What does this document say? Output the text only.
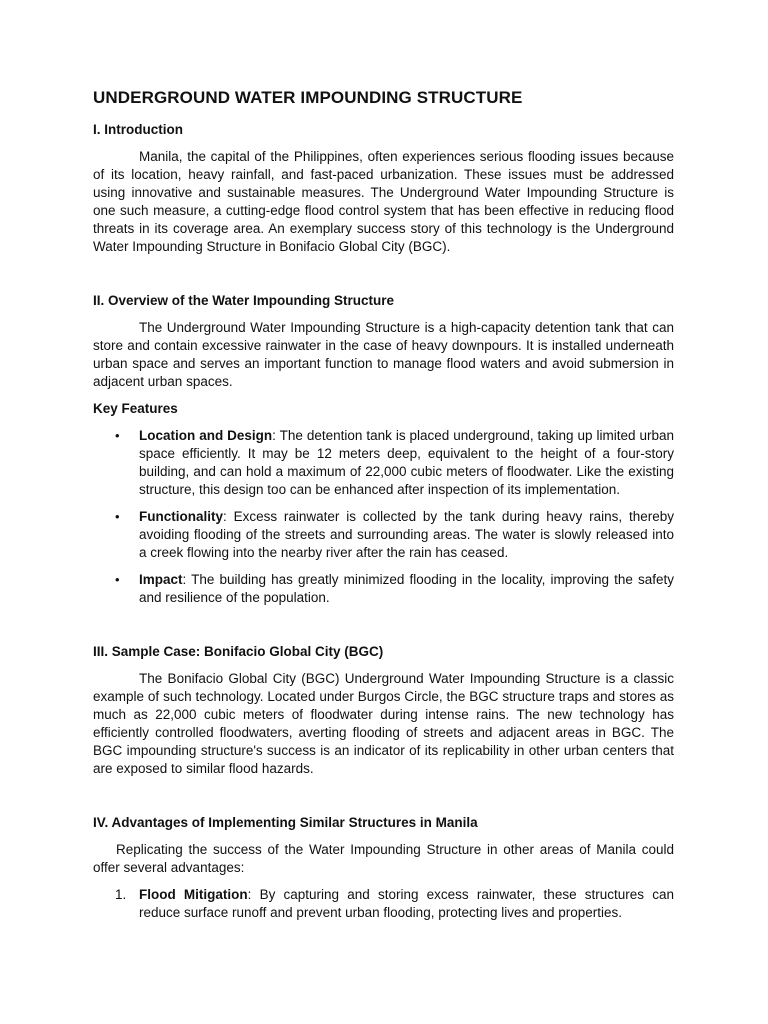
UNDERGROUND WATER IMPOUNDING STRUCTURE
I. Introduction

Manila, the capital of the Philippines, often experiences serious flooding issues because of its location, heavy rainfall, and fast-paced urbanization. These issues must be addressed using innovative and sustainable measures. The Underground Water Impounding Structure is one such measure, a cutting-edge flood control system that has been effective in reducing flood threats in its coverage area. An exemplary success story of this technology is the Underground Water Impounding Structure in Bonifacio Global City (BGC).

II. Overview of the Water Impounding Structure

The Underground Water Impounding Structure is a high-capacity detention tank that can store and contain excessive rainwater in the case of heavy downpours. It is installed underneath urban space and serves an important function to manage flood waters and avoid submersion in adjacent urban spaces.

Key Features
• Location and Design: The detention tank is placed underground, taking up limited urban space efficiently. It may be 12 meters deep, equivalent to the height of a four-story building, and can hold a maximum of 22,000 cubic meters of floodwater. Like the existing structure, this design too can be enhanced after inspection of its implementation.
• Functionality: Excess rainwater is collected by the tank during heavy rains, thereby avoiding flooding of the streets and surrounding areas. The water is slowly released into a creek flowing into the nearby river after the rain has ceased.
• Impact: The building has greatly minimized flooding in the locality, improving the safety and resilience of the population.
III. Sample Case: Bonifacio Global City (BGC)

The Bonifacio Global City (BGC) Underground Water Impounding Structure is a classic example of such technology. Located under Burgos Circle, the BGC structure traps and stores as much as 22,000 cubic meters of floodwater during intense rains. The new technology has efficiently controlled floodwaters, averting flooding of streets and adjacent areas in BGC. The BGC impounding structure's success is an indicator of its replicability in other urban centers that are exposed to similar flood hazards.

IV. Advantages of Implementing Similar Structures in Manila

Replicating the success of the Water Impounding Structure in other areas of Manila could offer several advantages:

1. Flood Mitigation: By capturing and storing excess rainwater, these structures can reduce surface runoff and prevent urban flooding, protecting lives and properties.
